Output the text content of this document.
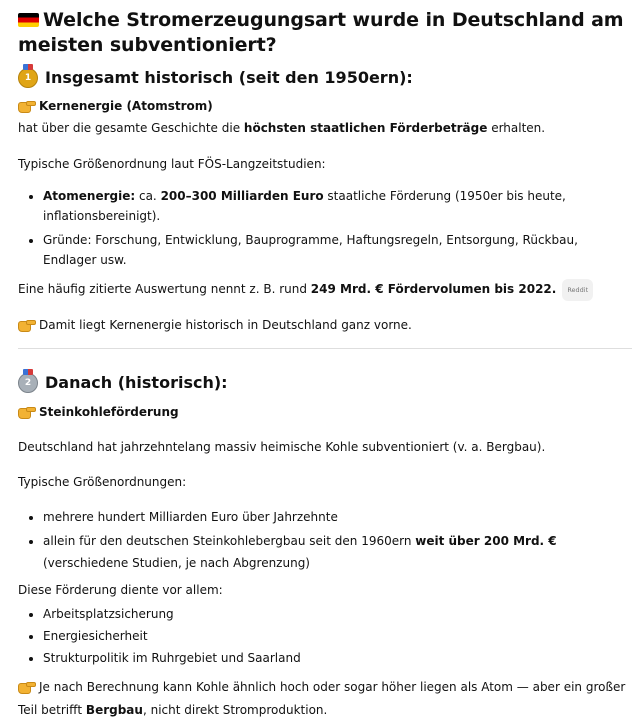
Welche Stromerzeugungsart wurde in Deutschland am meisten subventioniert?
1 Insgesamt historisch (seit den 1950ern):

Kernenergie (Atomstrom)

hat über die gesamte Geschichte die höchsten staatlichen Förderbeträge erhalten.

Typische Größenordnung laut FÖS-Langzeitstudien:

• Atomenergie: ca. 200–300 Milliarden Euro staatliche Förderung (1950er bis heute, inflationsbereinigt).
• Gründe: Forschung, Entwicklung, Bauprogramme, Haftungsregeln, Entsorgung, Rückbau, Endlager usw.

Eine häufig zitierte Auswertung nennt z. B. rund 249 Mrd. € Fördervolumen bis 2022. Reddit

Damit liegt Kernenergie historisch in Deutschland ganz vorne.

2 Danach (historisch):

Steinkohleförderung

Deutschland hat jahrzehntelang massiv heimische Kohle subventioniert (v. a. Bergbau).

Typische Größenordnungen:

• mehrere hundert Milliarden Euro über Jahrzehnte
• allein für den deutschen Steinkohlebergbau seit den 1960ern weit über 200 Mrd. € (verschiedene Studien, je nach Abgrenzung)

Diese Förderung diente vor allem:

• Arbeitsplatzsicherung
• Energiesicherheit
• Strukturpolitik im Ruhrgebiet und Saarland

Je nach Berechnung kann Kohle ähnlich hoch oder sogar höher liegen als Atom — aber ein großer Teil betrifft Bergbau, nicht direkt Stromproduktion.
